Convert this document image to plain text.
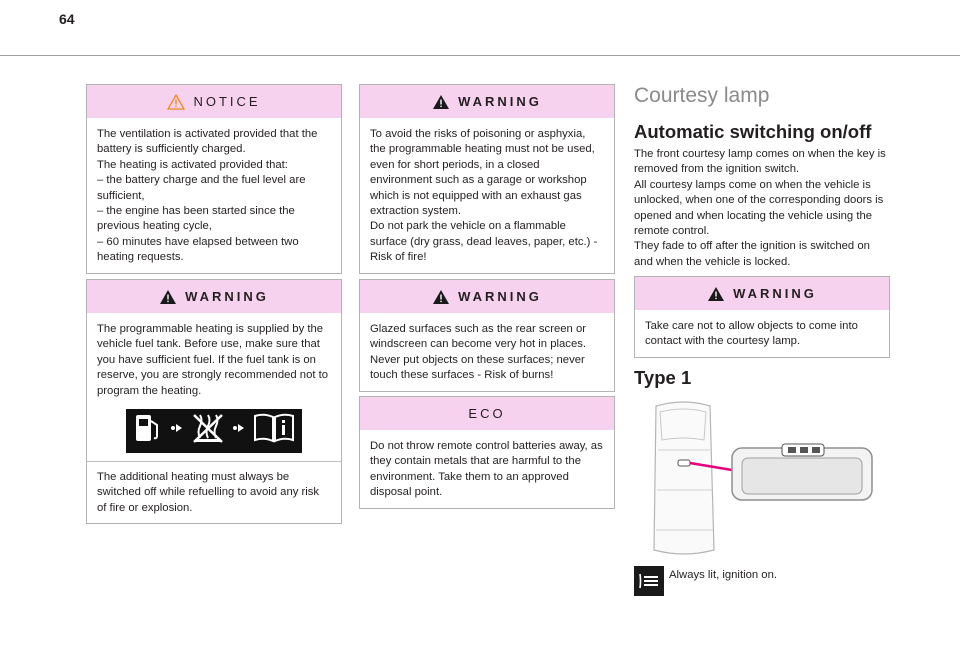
64
NOTICE

The ventilation is activated provided that the battery is sufficiently charged.
The heating is activated provided that:
– the battery charge and the fuel level are sufficient,
– the engine has been started since the previous heating cycle,
– 60 minutes have elapsed between two heating requests.

WARNING

The programmable heating is supplied by the vehicle fuel tank. Before use, make sure that you have sufficient fuel. If the fuel tank is on reserve, you are strongly recommended not to program the heating.

The additional heating must always be switched off while refuelling to avoid any risk of fire or explosion.

WARNING

To avoid the risks of poisoning or asphyxia, the programmable heating must not be used, even for short periods, in a closed environment such as a garage or workshop which is not equipped with an exhaust gas extraction system.
Do not park the vehicle on a flammable surface (dry grass, dead leaves, paper, etc.) - Risk of fire!

WARNING

Glazed surfaces such as the rear screen or windscreen can become very hot in places. Never put objects on these surfaces; never touch these surfaces - Risk of burns!

ECO

Do not throw remote control batteries away, as they contain metals that are harmful to the environment. Take them to an approved disposal point.

Courtesy lamp
Automatic switching on/off

The front courtesy lamp comes on when the key is removed from the ignition switch.
All courtesy lamps come on when the vehicle is unlocked, when one of the corresponding doors is opened and when locating the vehicle using the remote control.
They fade to off after the ignition is switched on and when the vehicle is locked.

WARNING

Take care not to allow objects to come into contact with the courtesy lamp.

Type 1
Always lit, ignition on.
